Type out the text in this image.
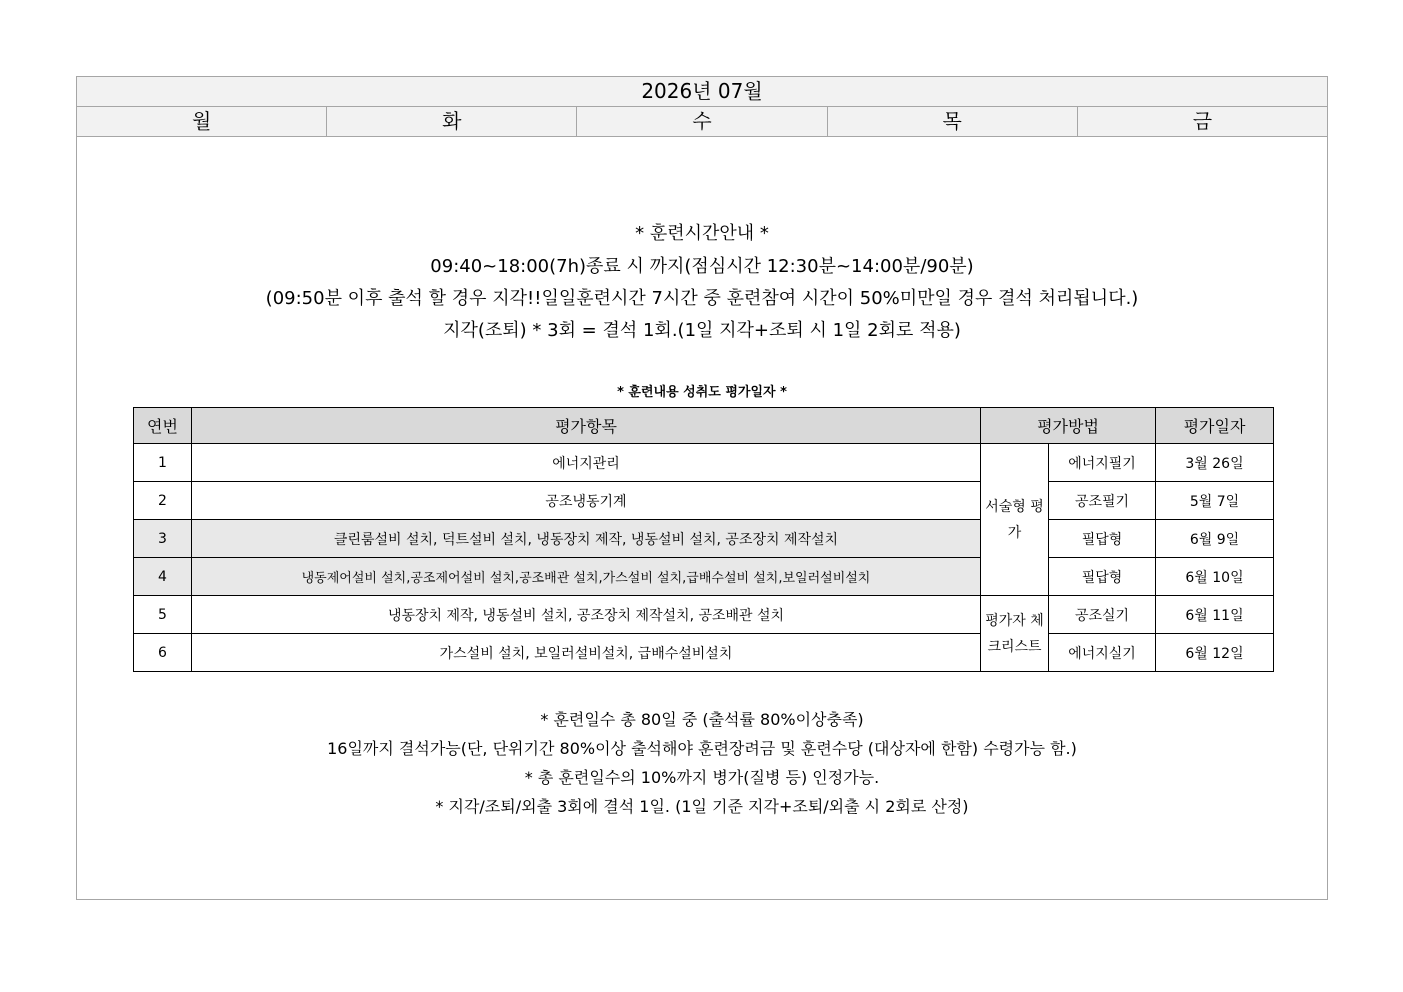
2026년 07월
월	화	수	목	금
* 훈련시간안내 *
09:40~18:00(7h)종료 시 까지(점심시간 12:30분~14:00분/90분)
(09:50분 이후 출석 할 경우 지각!!일일훈련시간 7시간 중 훈련참여 시간이 50%미만일 경우 결석 처리됩니다.)
지각(조퇴) * 3회 = 결석 1회.(1일 지각+조퇴 시 1일 2회로 적용)
* 훈련내용 성취도 평가일자 *
연번	평가항목	평가방법		평가일자
1	에너지관리	서술형 평가	에너지필기	3월 26일
2	공조냉동기계		공조필기	5월 7일
3	클린룸설비 설치, 덕트설비 설치, 냉동장치 제작, 냉동설비 설치, 공조장치 제작설치		필답형	6월 9일
4	냉동제어설비 설치,공조제어설비 설치,공조배관 설치,가스설비 설치,급배수설비 설치,보일러설비설치		필답형	6월 10일
5	냉동장치 제작, 냉동설비 설치, 공조장치 제작설치, 공조배관 설치	평가자 체크리스트	공조실기	6월 11일
6	가스설비 설치, 보일러설비설치, 급배수설비설치		에너지실기	6월 12일
* 훈련일수 총 80일 중 (출석률 80%이상충족)
16일까지 결석가능(단, 단위기간 80%이상 출석해야 훈련장려금 및 훈련수당 (대상자에 한함) 수령가능 함.)
* 총 훈련일수의 10%까지 병가(질병 등) 인정가능.
* 지각/조퇴/외출 3회에 결석 1일. (1일 기준 지각+조퇴/외출 시 2회로 산정)
